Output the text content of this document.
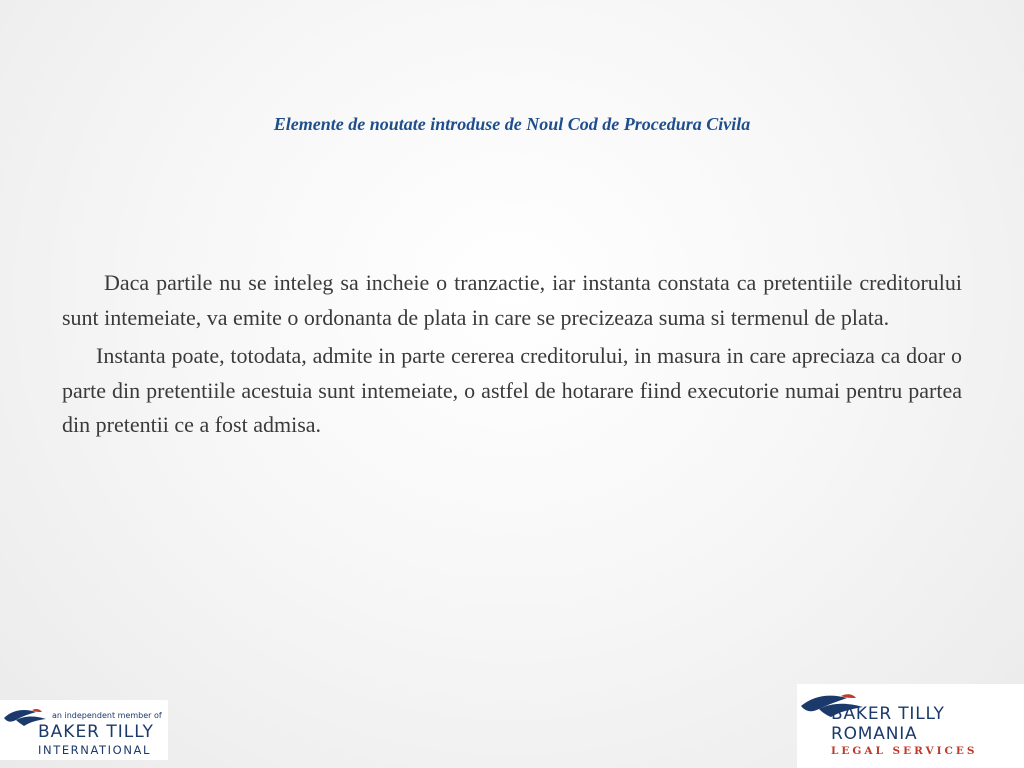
Elemente de noutate introduse de Noul Cod de Procedura Civila

Daca partile nu se inteleg sa incheie o tranzactie, iar instanta constata ca pretentiile creditorului sunt intemeiate, va emite o ordonanta de plata in care se precizeaza suma si termenul de plata.

Instanta poate, totodata, admite in parte cererea creditorului, in masura in care apreciaza ca doar o parte din pretentiile acestuia sunt intemeiate, o astfel de hotarare fiind executorie numai pentru partea din pretentii ce a fost admisa.

an independent member of
BAKER TILLY
INTERNATIONAL
BAKER TILLY
ROMANIA
LEGAL SERVICES
